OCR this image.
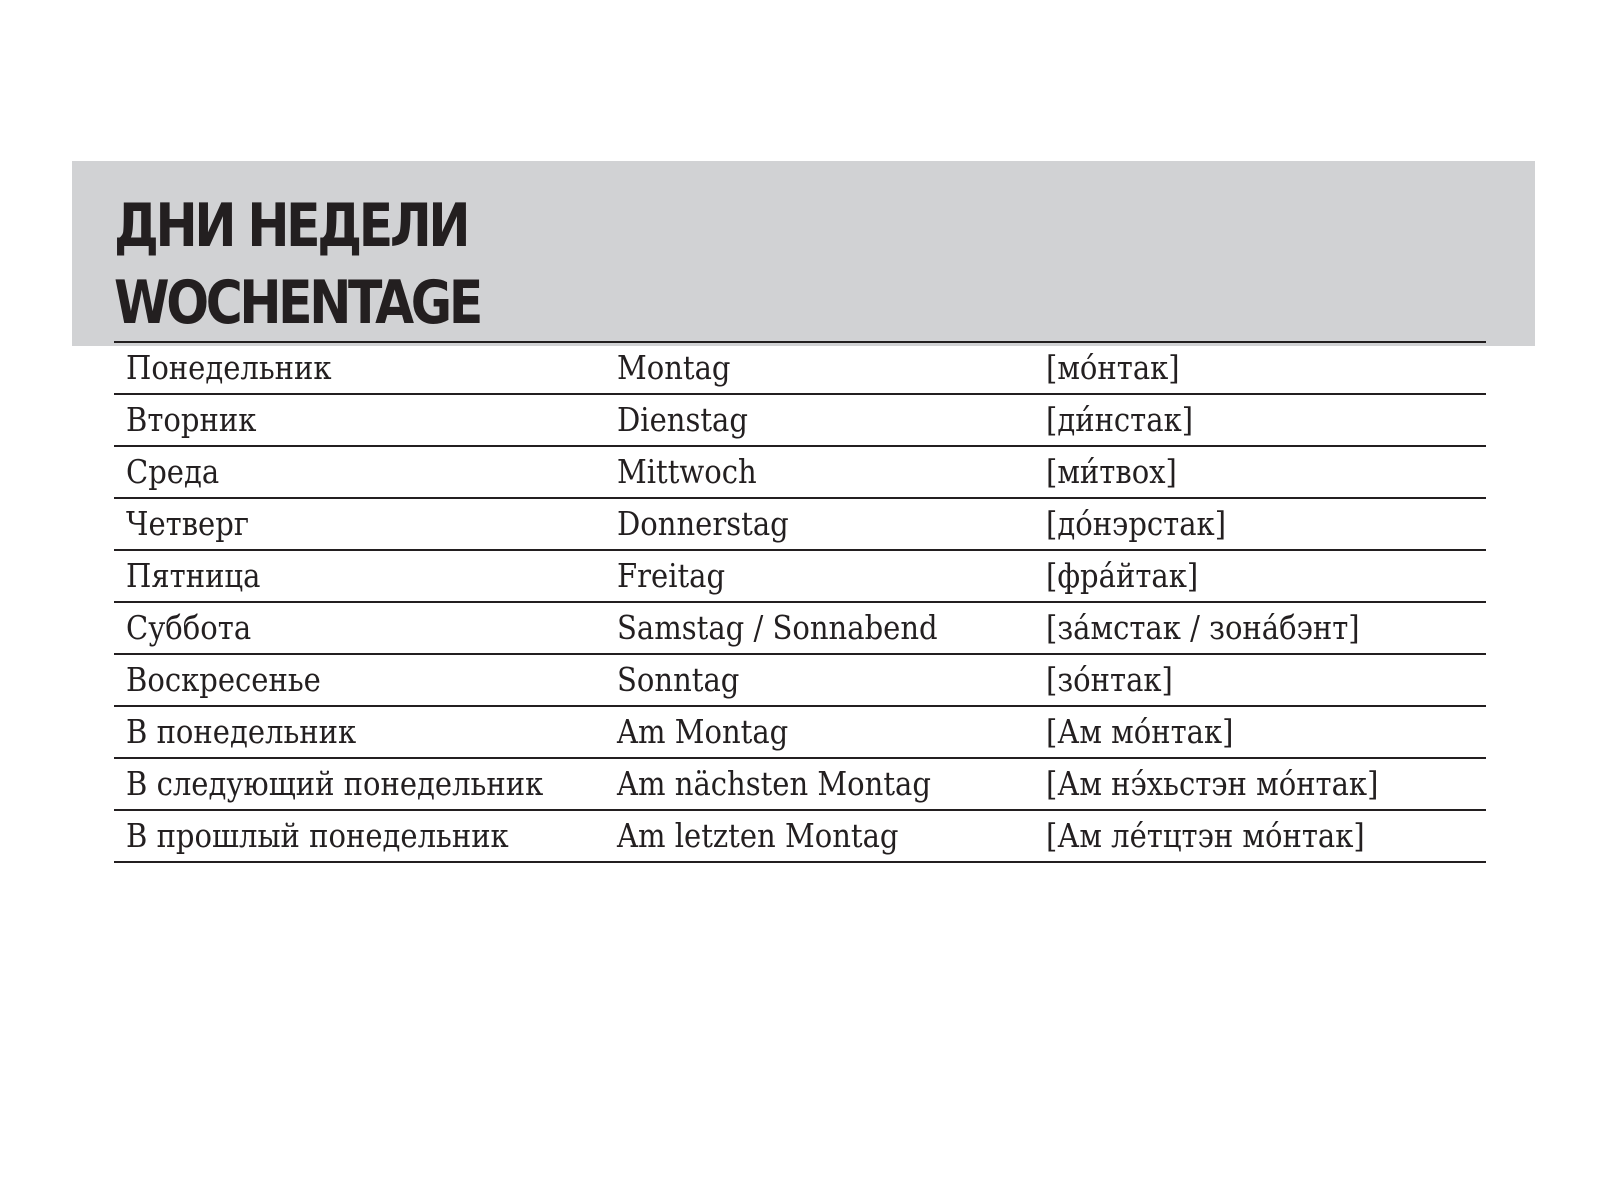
ДНИ НЕДЕЛИ
WOCHENTAGE
Понедельник	Montag	[мо́нтак]
Вторник	Dienstag	[ди́нстак]
Среда	Mittwoch	[ми́твох]
Четверг	Donnerstag	[до́нэрстак]
Пятница	Freitag	[фра́йтак]
Суббота	Samstag / Sonnabend	[за́мстак / зона́бэнт]
Воскресенье	Sonntag	[зо́нтак]
В понедельник	Am Montag	[Ам мо́нтак]
В следующий понедельник	Am nächsten Montag	[Ам нэ́хьстэн мо́нтак]
В прошлый понедельник	Am letzten Montag	[Ам ле́тцтэн мо́нтак]
